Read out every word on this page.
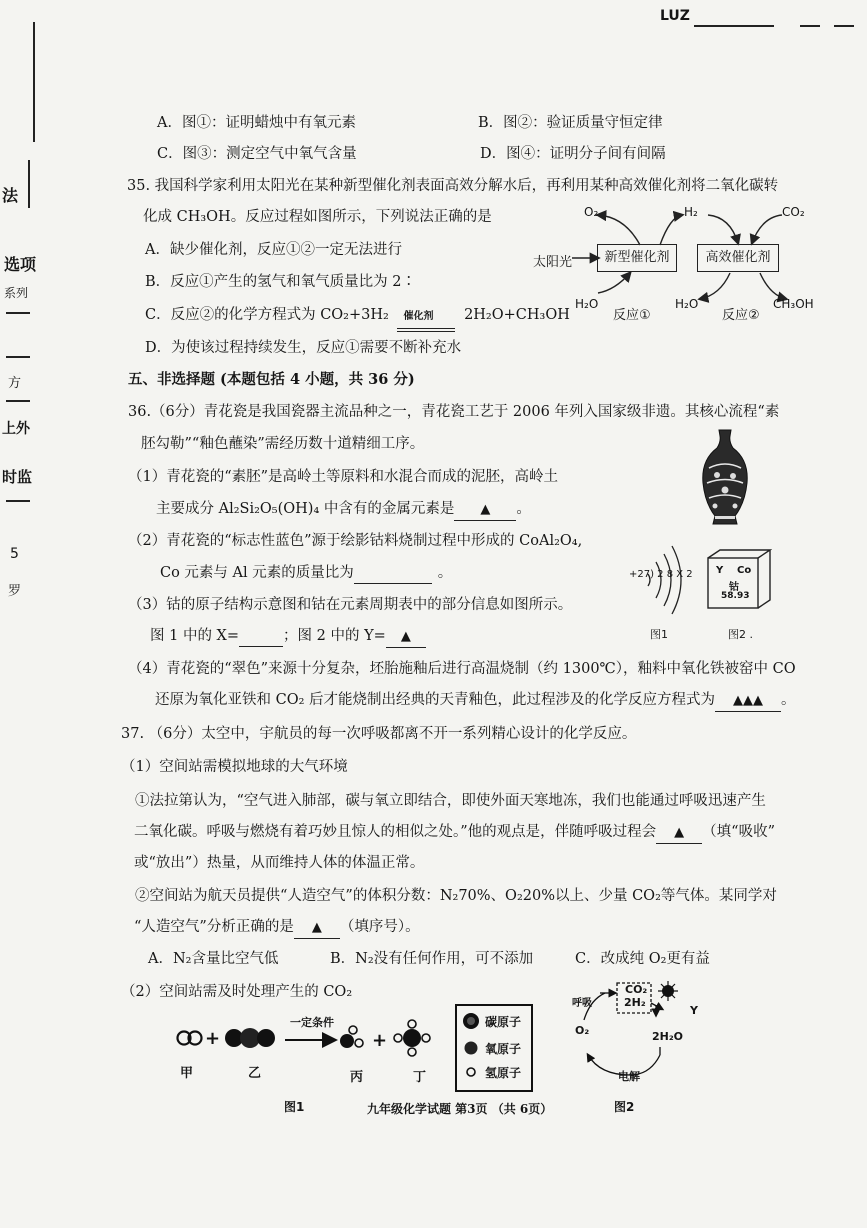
法
选项
系列
方
上外
时监
5
罗
LUZ
A．图①：证明蜡烛中有氧元素	B．图②：验证质量守恒定律
C．图③：测定空气中氧气含量	D．图④：证明分子间有间隔
35. 我国科学家利用太阳光在某种新型催化剂表面高效分解水后，再利用某种高效催化剂将二氧化碳转
化成 CH₃OH。反应过程如图所示，下列说法正确的是
A．缺少催化剂，反应①②一定无法进行
B．反应①产生的氢气和氧气质量比为 2∶
C．反应②的化学方程式为 CO₂+3H₂ 催化剂 2H₂O+CH₃OH
D．为使该过程持续发生，反应①需要不断补充水
O₂	H₂	CO₂
太阳光	新型催化剂	高效催化剂
H₂O
反应①
H₂O
反应②
CH₃OH
五、非选择题 (本题包括 4 小题，共 36 分)
36.（6分）青花瓷是我国瓷器主流品种之一，青花瓷工艺于 2006 年列入国家级非遗。其核心流程“素
胚勾勒”“釉色蘸染”需经历数十道精细工序。
（1）青花瓷的“素胚”是高岭土等原料和水混合而成的泥胚，高岭土
主要成分 Al₂Si₂O₅(OH)₄ 中含有的金属元素是 ▲ 。
（2）青花瓷的“标志性蓝色”源于绘影钴料烧制过程中形成的 CoAl₂O₄,
Co 元素与 Al 元素的质量比为	。
（3）钴的原子结构示意图和钴在元素周期表中的部分信息如图所示。
图 1 中的 X=	；图 2 中的 Y= ▲
（4）青花瓷的“翠色”来源十分复杂，坯胎施釉后进行高温烧制（约 1300℃），釉料中氧化铁被窑中 CO
还原为氧化亚铁和 CO₂ 后才能烧制出经典的天青釉色，此过程涉及的化学反应方程式为 ▲▲▲ 。
+27) 2 8 X 2
图1
Y Co
钴
58.93
图2 .
37. （6分）太空中，宇航员的每一次呼吸都离不开一系列精心设计的化学反应。
（1）空间站需模拟地球的大气环境
①法拉第认为，“空气进入肺部，碳与氧立即结合，即使外面天寒地冻，我们也能通过呼吸迅速产生
二氧化碳。呼吸与燃烧有着巧妙且惊人的相似之处。”他的观点是，伴随呼吸过程会 ▲ （填“吸收”
或“放出”）热量，从而维持人体的体温正常。
②空间站为航天员提供“人造空气”的体积分数：N₂70%、O₂20%以上、少量 CO₂等气体。某同学对
“人造空气”分析正确的是 ▲ （填序号）。
A．N₂含量比空气低	B．N₂没有任何作用，可不添加	C．改成纯 O₂更有益
（2）空间站需及时处理产生的 CO₂
+	+
一定条件
甲	乙	丙	丁
碳原子
氧原子
氢原子
图1
CO₂
2H₂
呼吸
Y
O₂	2H₂O
电解
图2
九年级化学试题 第3页 （共 6页）
